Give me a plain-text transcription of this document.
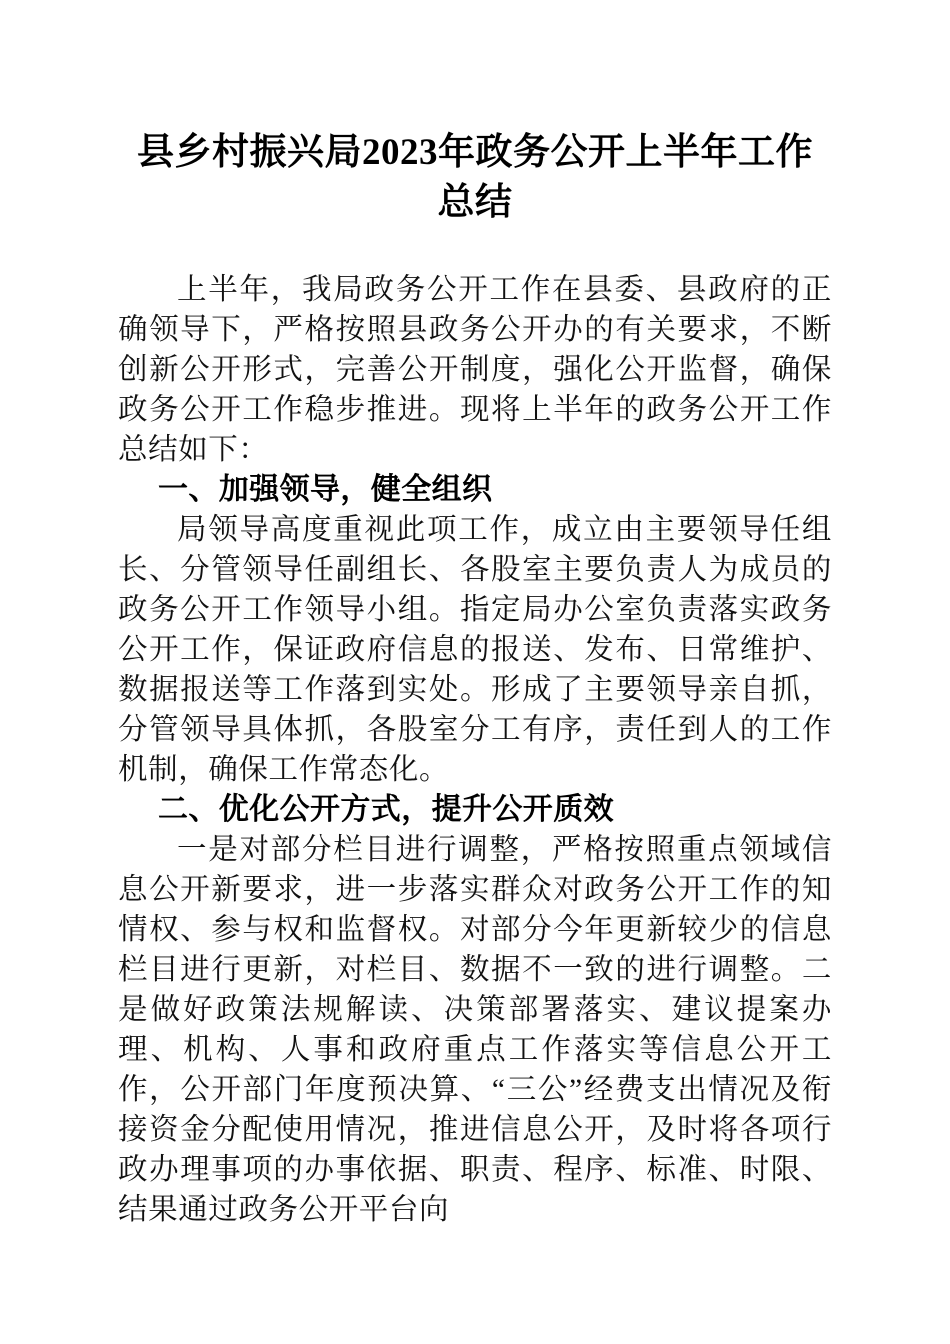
县乡村振兴局2023年政务公开上半年工作总结

上半年，我局政务公开工作在县委、县政府的正确领导下，严格按照县政务公开办的有关要求，不断创新公开形式，完善公开制度，强化公开监督，确保政务公开工作稳步推进。现将上半年的政务公开工作总结如下：

一、加强领导，健全组织

局领导高度重视此项工作，成立由主要领导任组长、分管领导任副组长、各股室主要负责人为成员的政务公开工作领导小组。指定局办公室负责落实政务公开工作，保证政府信息的报送、发布、日常维护、数据报送等工作落到实处。形成了主要领导亲自抓，分管领导具体抓，各股室分工有序，责任到人的工作机制，确保工作常态化。

二、优化公开方式，提升公开质效

一是对部分栏目进行调整，严格按照重点领域信息公开新要求，进一步落实群众对政务公开工作的知情权、参与权和监督权。对部分今年更新较少的信息栏目进行更新，对栏目、数据不一致的进行调整。二是做好政策法规解读、决策部署落实、建议提案办理、机构、人事和政府重点工作落实等信息公开工作，公开部门年度预决算、“三公”经费支出情况及衔接资金分配使用情况，推进信息公开，及时将各项行政办理事项的办事依据、职责、程序、标准、时限、结果通过政务公开平台向
